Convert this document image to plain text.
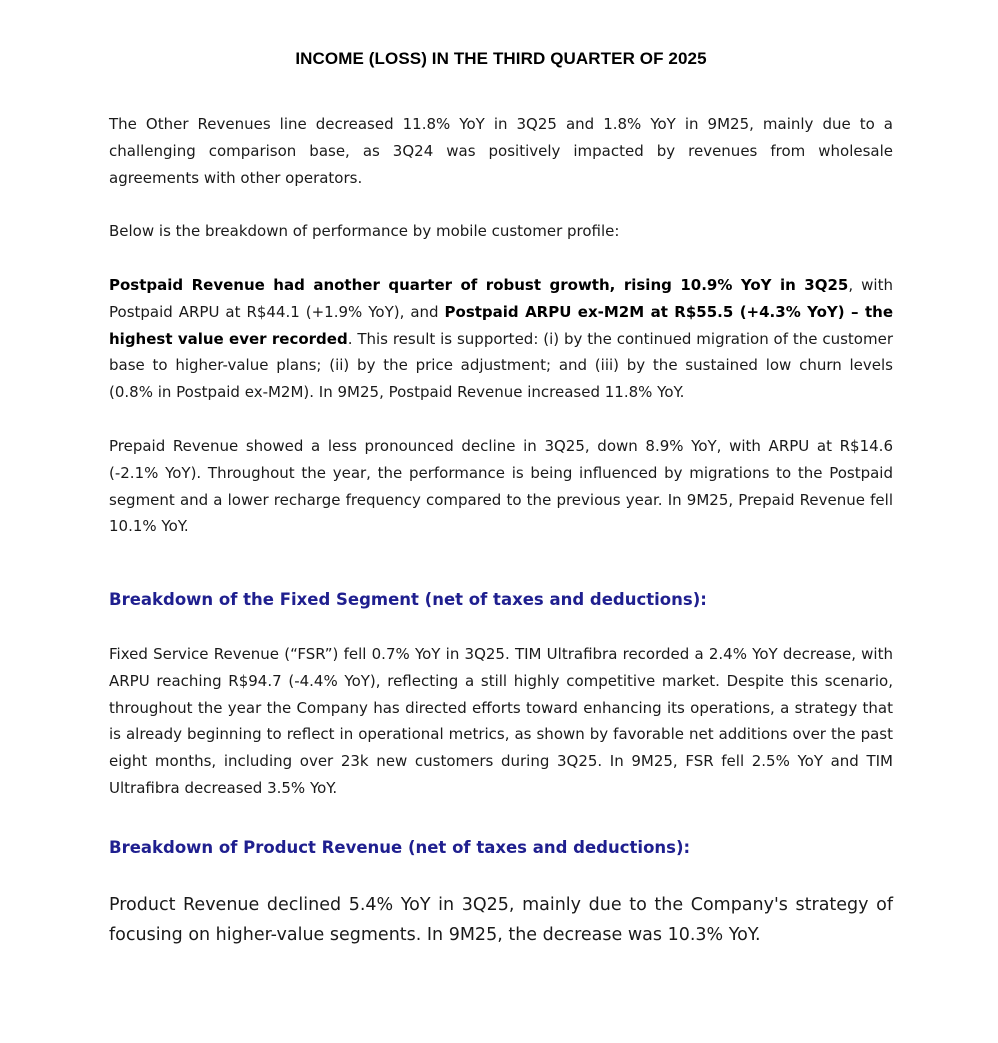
INCOME (LOSS) IN THE THIRD QUARTER OF 2025

The Other Revenues line decreased 11.8% YoY in 3Q25 and 1.8% YoY in 9M25, mainly due to a challenging comparison base, as 3Q24 was positively impacted by revenues from wholesale agreements with other operators.

Below is the breakdown of performance by mobile customer profile:

Postpaid Revenue had another quarter of robust growth, rising 10.9% YoY in 3Q25, with Postpaid ARPU at R$44.1 (+1.9% YoY), and Postpaid ARPU ex-M2M at R$55.5 (+4.3% YoY) – the highest value ever recorded. This result is supported: (i) by the continued migration of the customer base to higher-value plans; (ii) by the price adjustment; and (iii) by the sustained low churn levels (0.8% in Postpaid ex-M2M). In 9M25, Postpaid Revenue increased 11.8% YoY.

Prepaid Revenue showed a less pronounced decline in 3Q25, down 8.9% YoY, with ARPU at R$14.6 (-2.1% YoY). Throughout the year, the performance is being influenced by migrations to the Postpaid segment and a lower recharge frequency compared to the previous year. In 9M25, Prepaid Revenue fell 10.1% YoY.

Breakdown of the Fixed Segment (net of taxes and deductions):

Fixed Service Revenue (“FSR”) fell 0.7% YoY in 3Q25. TIM Ultrafibra recorded a 2.4% YoY decrease, with ARPU reaching R$94.7 (-4.4% YoY), reflecting a still highly competitive market. Despite this scenario, throughout the year the Company has directed efforts toward enhancing its operations, a strategy that is already beginning to reflect in operational metrics, as shown by favorable net additions over the past eight months, including over 23k new customers during 3Q25. In 9M25, FSR fell 2.5% YoY and TIM Ultrafibra decreased 3.5% YoY.

Breakdown of Product Revenue (net of taxes and deductions):

Product Revenue declined 5.4% YoY in 3Q25, mainly due to the Company's strategy of focusing on higher-value segments. In 9M25, the decrease was 10.3% YoY.
